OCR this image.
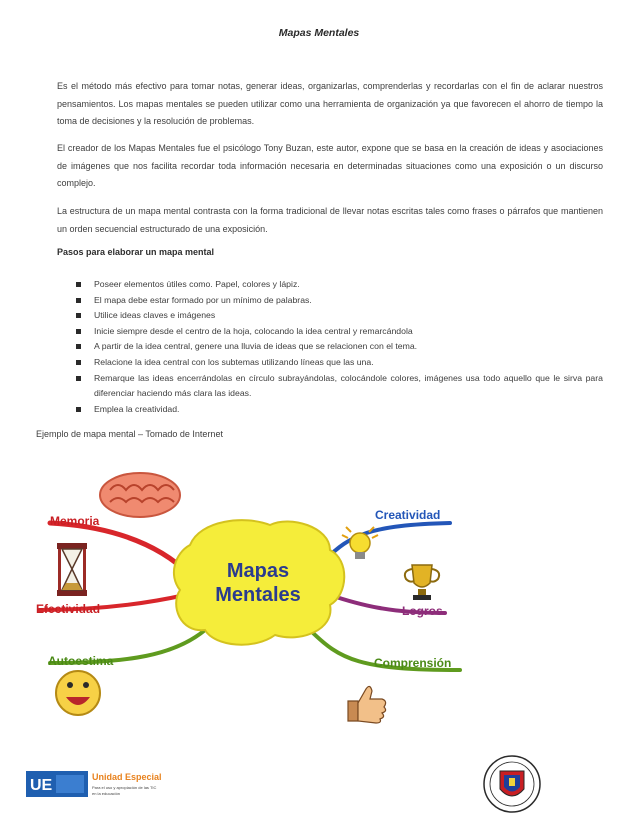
Mapas Mentales

Es el método más efectivo para tomar notas, generar ideas, organizarlas, comprenderlas y recordarlas con el fin de aclarar nuestros pensamientos. Los mapas mentales se pueden utilizar como una herramienta de organización ya que favorecen el ahorro de tiempo la toma de decisiones y la resolución de problemas.

El creador de los Mapas Mentales fue el psicólogo Tony Buzan, este autor, expone que se basa en la creación de ideas y asociaciones de imágenes que nos facilita recordar toda información necesaria en determinadas situaciones como una exposición o un discurso complejo.

La estructura de un mapa mental contrasta con la forma tradicional de llevar notas escritas tales como frases o párrafos que mantienen un orden secuencial estructurado de una exposición.

Pasos para elaborar un mapa mental
Poseer elementos útiles como. Papel, colores y lápiz.
El mapa debe estar formado por un mínimo de palabras.
Utilice ideas claves e imágenes
Inicie siempre desde el centro de la hoja, colocando la idea central y remarcándola
A partir de la idea central, genere una lluvia de ideas que se relacionen con el tema.
Relacione la idea central con los subtemas utilizando líneas que las una.
Remarque las ideas encerrándolas en círculo subrayándolas, colocándole colores, imágenes usa todo aquello que le sirva para diferenciar haciendo más clara las ideas.
Emplea la creatividad.
Ejemplo de mapa mental – Tomado de Internet
Mapas
Mentales
Memoria
Efectividad
Autoestima
Creatividad
Logros
Comprensión
UE	Unidad Especial
Para el uso y apropiación de las TIC
en la educación
